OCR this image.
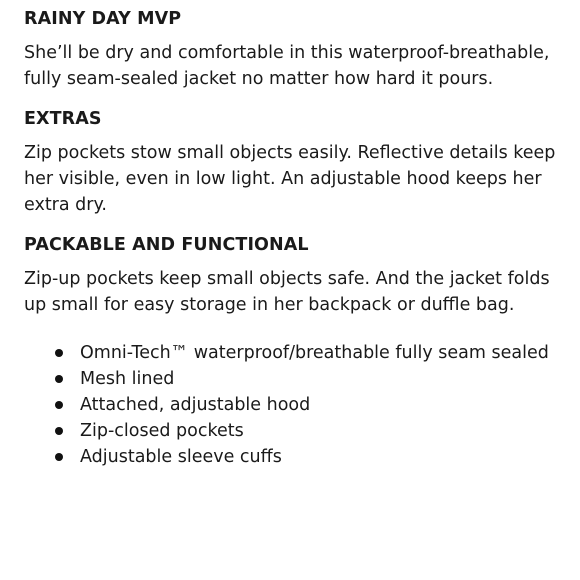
RAINY DAY MVP

She’ll be dry and comfortable in this waterproof-breathable, fully seam-sealed jacket no matter how hard it pours.

EXTRAS

Zip pockets stow small objects easily. Reflective details keep her visible, even in low light. An adjustable hood keeps her extra dry.

PACKABLE AND FUNCTIONAL

Zip-up pockets keep small objects safe. And the jacket folds up small for easy storage in her backpack or duffle bag.

Omni-Tech™ waterproof/breathable fully seam sealed
Mesh lined
Attached, adjustable hood
Zip-closed pockets
Adjustable sleeve cuffs
